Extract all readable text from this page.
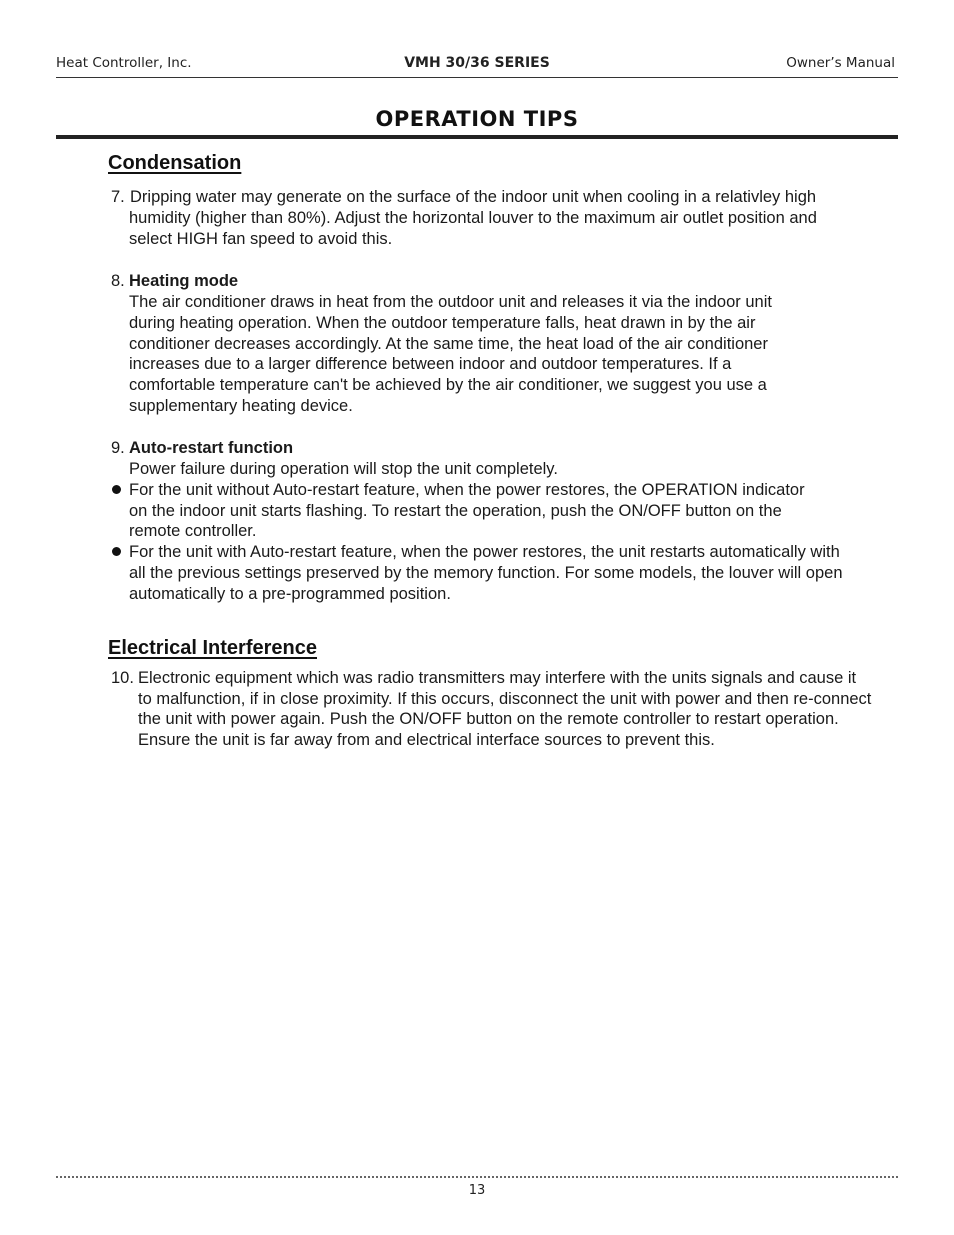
Heat Controller, Inc.	VMH 30/36 SERIES	Owner’s Manual
OPERATION TIPS
Condensation
7. Dripping water may generate on the surface of the indoor unit when cooling in a relativley high
humidity (higher than 80%). Adjust the horizontal louver to the maximum air outlet position and
select HIGH fan speed to avoid this.
8. Heating mode
The air conditioner draws in heat from the outdoor unit and releases it via the indoor unit
during heating operation. When the outdoor temperature falls, heat drawn in by the air
conditioner decreases accordingly. At the same time, the heat load of the air conditioner
increases due to a larger difference between indoor and outdoor temperatures. If a
comfortable temperature can't be achieved by the air conditioner, we suggest you use a
supplementary heating device.
9. Auto-restart function
Power failure during operation will stop the unit completely.
For the unit without Auto-restart feature, when the power restores, the OPERATION indicator
on the indoor unit starts flashing. To restart the operation, push the ON/OFF button on the
remote controller.
For the unit with Auto-restart feature, when the power restores, the unit restarts automatically with
all the previous settings preserved by the memory function. For some models, the louver will open
automatically to a pre-programmed position.
Electrical Interference
10. Electronic equipment which was radio transmitters may interfere with the units signals and cause it
to malfunction, if in close proximity. If this occurs, disconnect the unit with power and then re-connect
the unit with power again. Push the ON/OFF button on the remote controller to restart operation.
Ensure the unit is far away from and electrical interface sources to prevent this.
13
